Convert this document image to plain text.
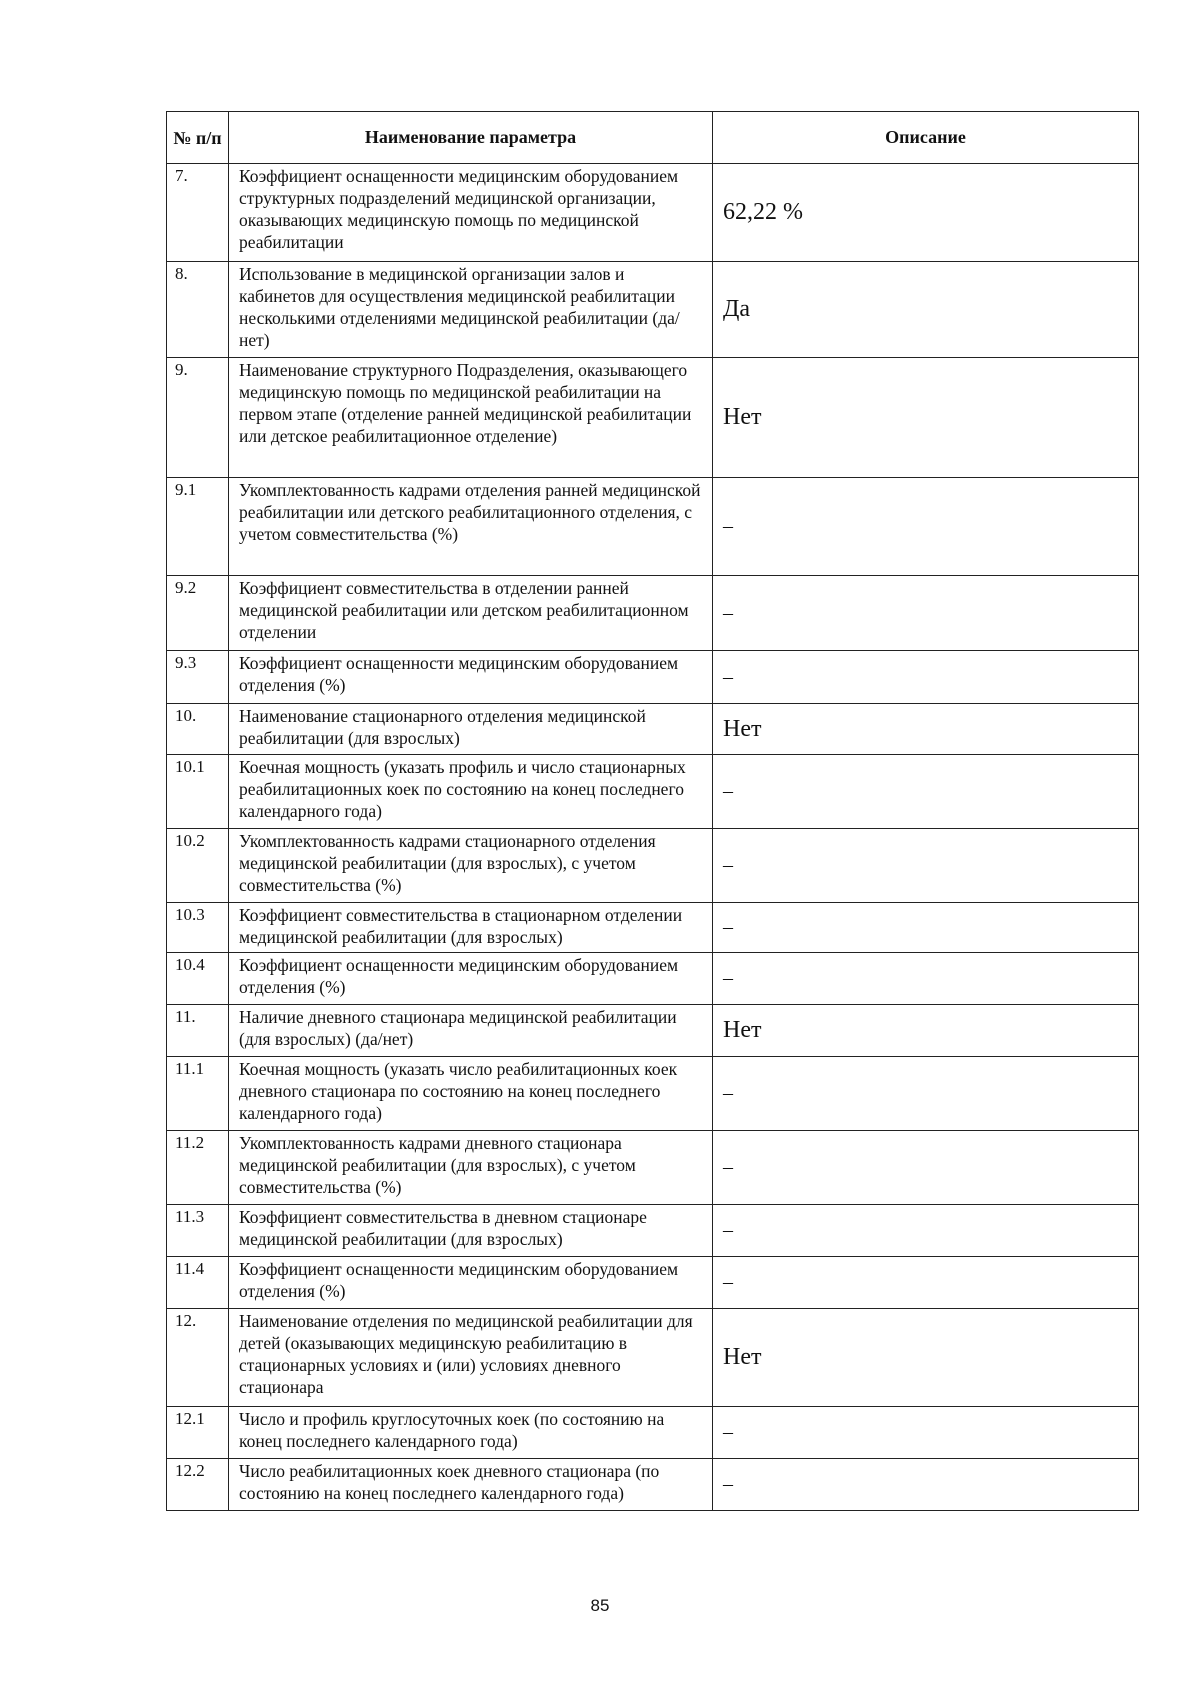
№ п/п	Наименование параметра	Описание
7.	Коэффициент оснащенности медицинским оборудованием структурных подразделений медицинской организации, оказывающих медицинскую помощь по медицинской реабилитации	62,22 %
8.	Использование в медицинской организации залов и кабинетов для осуществления медицинской реабилитации несколькими отделениями медицинской реабилитации (да/нет)	Да
9.	Наименование структурного Подразделения, оказывающего медицинскую помощь по медицинской реабилитации на первом этапе (отделение ранней медицинской реабилитации или детское реабилитационное отделение)	Нет
9.1	Укомплектованность кадрами отделения ранней медицинской реабилитации или детского реабилитационного отделения, с учетом совместительства (%)	–
9.2	Коэффициент совместительства в отделении ранней медицинской реабилитации или детском реабилитационном отделении	–
9.3	Коэффициент оснащенности медицинским оборудованием отделения (%)	–
10.	Наименование стационарного отделения медицинской реабилитации (для взрослых)	Нет
10.1	Коечная мощность (указать профиль и число стационарных реабилитационных коек по состоянию на конец последнего календарного года)	–
10.2	Укомплектованность кадрами стационарного отделения медицинской реабилитации (для взрослых), с учетом совместительства (%)	–
10.3	Коэффициент совместительства в стационарном отделении медицинской реабилитации (для взрослых)	–
10.4	Коэффициент оснащенности медицинским оборудованием отделения (%)	–
11.	Наличие дневного стационара медицинской реабилитации (для взрослых) (да/нет)	Нет
11.1	Коечная мощность (указать число реабилитационных коек дневного стационара по состоянию на конец последнего календарного года)	–
11.2	Укомплектованность кадрами дневного стационара медицинской реабилитации (для взрослых), с учетом совместительства (%)	–
11.3	Коэффициент совместительства в дневном стационаре медицинской реабилитации (для взрослых)	–
11.4	Коэффициент оснащенности медицинским оборудованием отделения (%)	–
12.	Наименование отделения по медицинской реабилитации для детей (оказывающих медицинскую реабилитацию в стационарных условиях и (или) условиях дневного стационара	Нет
12.1	Число и профиль круглосуточных коек (по состоянию на конец последнего календарного года)	–
12.2	Число реабилитационных коек дневного стационара (по состоянию на конец последнего календарного года)	–
85
